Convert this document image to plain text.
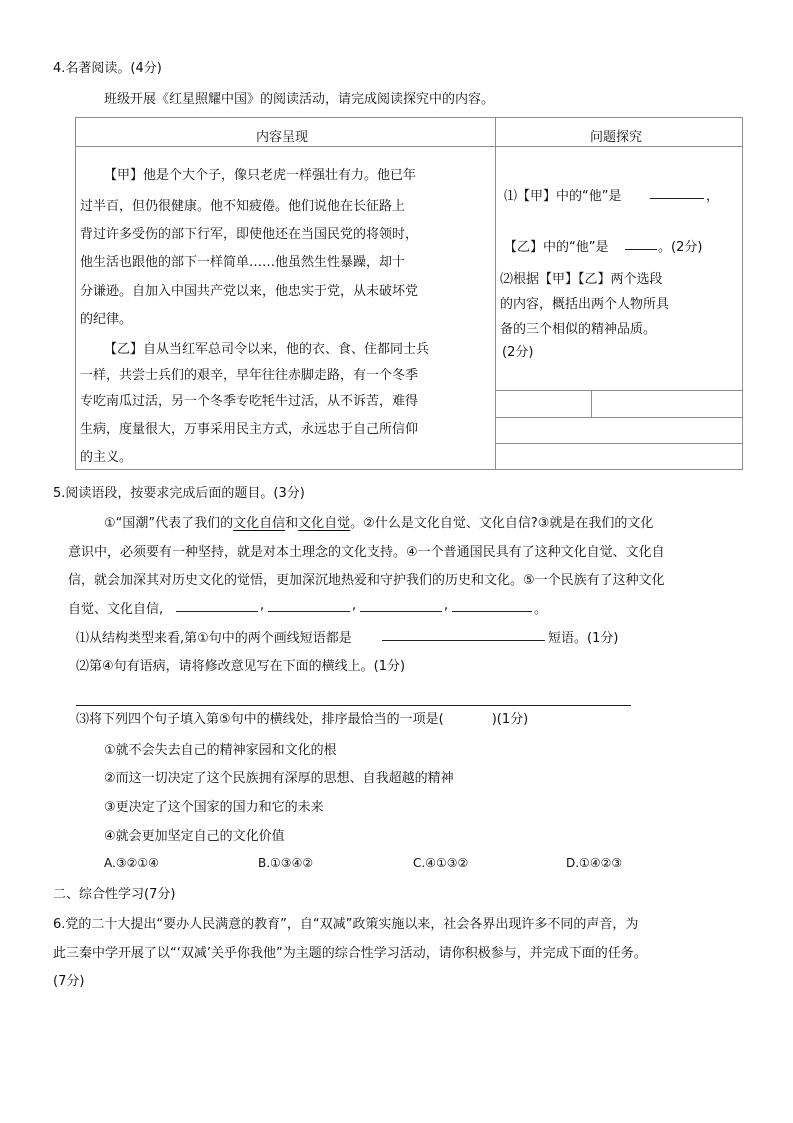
4.名著阅读。(4分)
班级开展《红星照耀中国》的阅读活动，请完成阅读探究中的内容。
内容呈现	问题探究
【甲】他是个大个子，像只老虎一样强壮有力。他已年
过半百，但仍很健康。他不知疲倦。他们说他在长征路上
背过许多受伤的部下行军，即使他还在当国民党的将领时，
他生活也跟他的部下一样简单……他虽然生性暴躁，却十
分谦逊。自加入中国共产党以来，他忠实于党，从未破坏党
的纪律。
【乙】自从当红军总司令以来，他的衣、食、住都同士兵
一样，共尝士兵们的艰辛，早年往往赤脚走路，有一个冬季
专吃南瓜过活，另一个冬季专吃牦牛过活，从不诉苦，难得
生病，度量很大，万事采用民主方式，永远忠于自己所信仰
的主义。
⑴【甲】中的“他”是	，
【乙】中的“他”是	。(2分)
⑵根据【甲】【乙】两个选段
的内容，概括出两个人物所具
备的三个相似的精神品质。
(2分)
5.阅读语段，按要求完成后面的题目。(3分)
①“国潮”代表了我们的文化自信和文化自觉。②什么是文化自觉、文化自信?③就是在我们的文化
意识中，必须要有一种坚持，就是对本土理念的文化支持。④一个普通国民具有了这种文化自觉、文化自
信，就会加深其对历史文化的觉悟，更加深沉地热爱和守护我们的历史和文化。⑤一个民族有了这种文化
自觉、文化自信,	,	,	,	。
⑴从结构类型来看,第①句中的两个画线短语都是	短语。(1分)
⑵第④句有语病，请将修改意见写在下面的横线上。(1分)
⑶将下列四个句子填入第⑤句中的横线处，排序最恰当的一项是(	)(1分)
①就不会失去自己的精神家园和文化的根
②而这一切决定了这个民族拥有深厚的思想、自我超越的精神
③更决定了这个国家的国力和它的未来
④就会更加坚定自己的文化价值
A.③②①④	B.①③④②	C.④①③②	D.①④②③
二、综合性学习(7分)
6.党的二十大提出“要办人民满意的教育”，自“双减”政策实施以来，社会各界出现许多不同的声音，为
此三秦中学开展了以“‘双减’关乎你我他”为主题的综合性学习活动，请你积极参与，并完成下面的任务。
(7分)
